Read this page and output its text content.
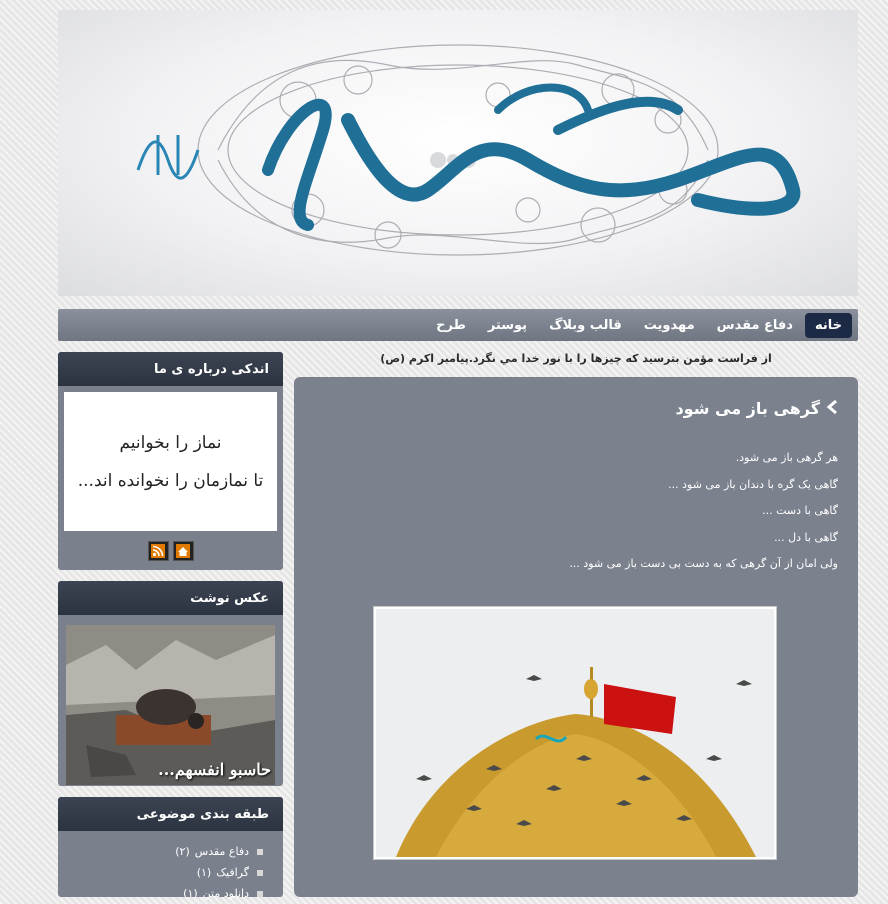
خانه
دفاع مقدس
مهدویت
قالب وبلاگ
پوستر
طرح
اندکی درباره ی ما
نماز را بخوانیم
تا نمازمان را نخوانده اند...
عکس نوشت
حاسبو انفسهم...
طبقه بندی موضوعی
دفاع مقدس
(۲)
گرافیک
(۱)
دانلود متن
(۱)
از فراست مؤمن بترسيد كه چيزها را با نور خدا مي نگرد.پيامبر اكرم (ص)
گرهی باز می شود
هر گرهی باز می شود.
گاهی یک گره با دندان باز می شود ...
گاهی با دست ...
گاهی با دل ...
ولی امان از آن گرهی که به دست بی دست باز می شود ...
